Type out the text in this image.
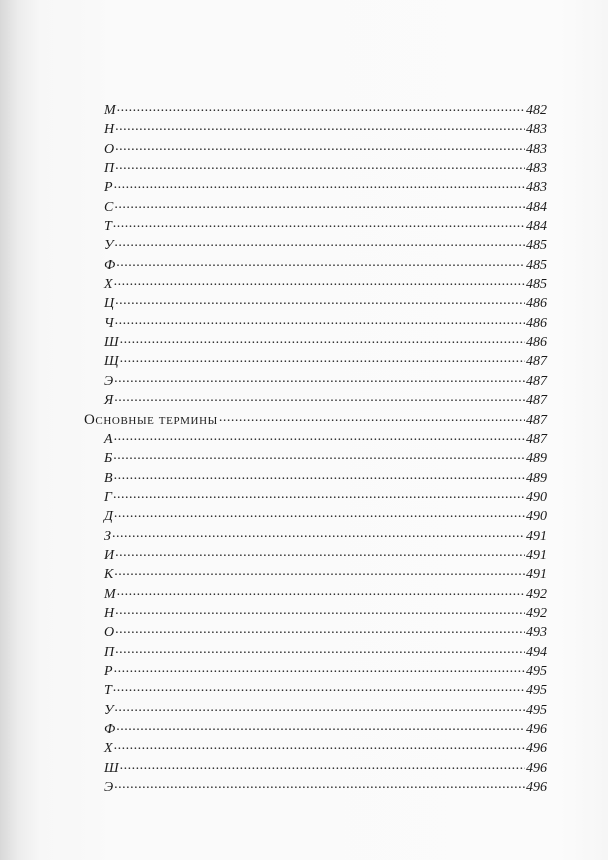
М .....	482
Н .....	483
О .....	483
П .....	483
Р .....	483
С .....	484
Т .....	484
У .....	485
Ф .....	485
Х .....	485
Ц .....	486
Ч .....	486
Ш .....	486
Щ .....	487
Э .....	487
Я .....	487
Основные термины .....	487
А .....	487
Б .....	489
В .....	489
Г .....	490
Д .....	490
З .....	491
И .....	491
К .....	491
М .....	492
Н .....	492
О .....	493
П .....	494
Р .....	495
Т .....	495
У .....	495
Ф .....	496
Х .....	496
Ш .....	496
Э .....	496
